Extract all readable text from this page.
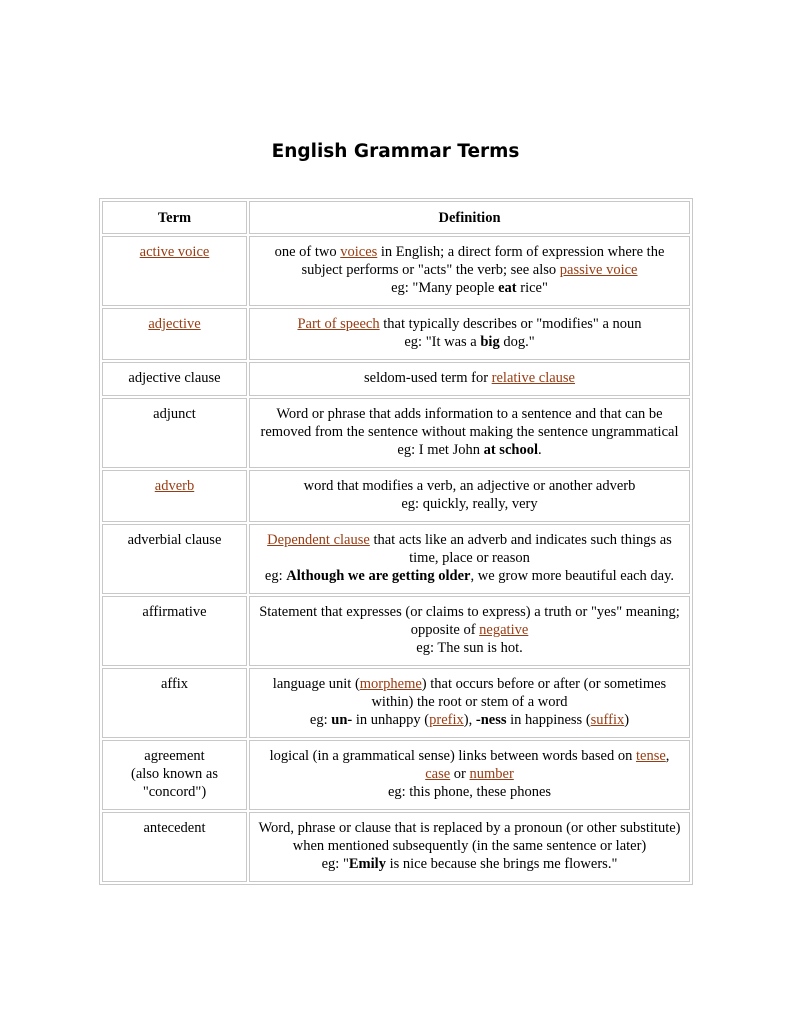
English Grammar Terms
Term	Definition
active voice	one of two voices in English; a direct form of expression where the subject performs or "acts" the verb; see also passive voice
eg: "Many people eat rice"
adjective	Part of speech that typically describes or "modifies" a noun
eg: "It was a big dog."
adjective clause	seldom-used term for relative clause
adjunct	Word or phrase that adds information to a sentence and that can be removed from the sentence without making the sentence ungrammatical
eg: I met John at school.
adverb	word that modifies a verb, an adjective or another adverb
eg: quickly, really, very
adverbial clause	Dependent clause that acts like an adverb and indicates such things as time, place or reason
eg: Although we are getting older, we grow more beautiful each day.
affirmative	Statement that expresses (or claims to express) a truth or "yes" meaning; opposite of negative
eg: The sun is hot.
affix	language unit (morpheme) that occurs before or after (or sometimes within) the root or stem of a word
eg: un- in unhappy (prefix), -ness in happiness (suffix)
agreement
(also known as
"concord")	logical (in a grammatical sense) links between words based on tense, case or number
eg: this phone, these phones
antecedent	Word, phrase or clause that is replaced by a pronoun (or other substitute) when mentioned subsequently (in the same sentence or later)
eg: "Emily is nice because she brings me flowers."
